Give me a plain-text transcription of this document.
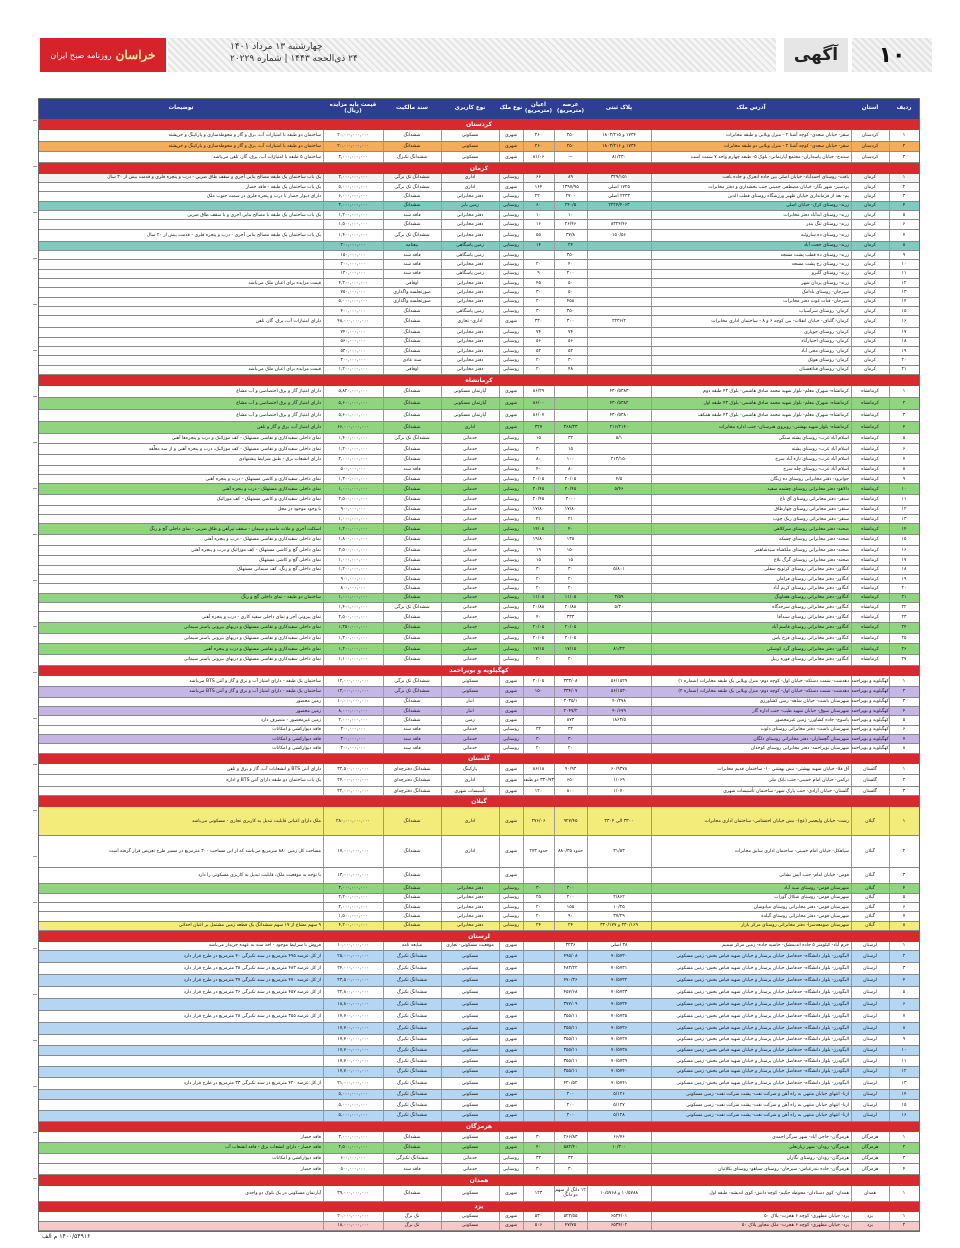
۱۰
آگهی
چهارشنبه ۱۳ مرداد ۱۴۰۱
۲۴ ذی‌الحجه ۱۴۴۳ | شماره ۲۰۲۲۹
خراسان
روزنامه صبح ایران
ردیف
استان
آدرس ملک
پلاک ثبتی
عرصه (مترمربع)
اعیان (مترمربع)
نوع ملک
نوع کاربری
سند مالکیت
قیمت پایه مزایده (ریال)
توضیحات
کردستان
۱
کردستان
سقز- خیابان سعدی- کوچه آشنا ۲ - منزل ویلایی و طبقه مخابرات
۱۷۳۴ و ۱۸۰۳/۲۱۵
۲۵۰
۲۶۰
شهری
مسکونی
ششدانگ
۲۰,۰۰۰,۰۰۰,۰۰۰
ساختمان دو طبقه با امتیازات آب، برق و گاز و محوطه‌سازی و پارکینگ و خرپشته
۲
کردستان
سقز- خیابان سعدی- کوچه آشنا ۲ - منزل ویلایی دو طبقه مخابرات
۱۷۳۴ و ۱۸۰۳/۲۱۶
۲۵۰
۲۶۰
شهری
مسکونی
ششدانگ
۲۰,۰۰۰,۰۰۰,۰۰۰
ساختمان دو طبقه با امتیازات آب، برق و گاز و محوطه‌سازی و پارکینگ و خرپشته
۳
کردستان
سنندج- خیابان پاسداران- مجتمع آپارتمانی- بلوک ۵- طبقه چهارم واحد ۷ سمت است
۸۱/۲۳۰
—
۸۱/۰۶
شهری
مسکونی
ششدانگ تکبرگ
۳,۰۰۰,۰۰۰,۰۰۰
ساختمان ۵ طبقه با امتیازات آب، برق، گاز، تلفن می‌باشد
کرمان
۱
کرمان
بافت- روستای احمدآباد- خیابان اصلی بین جاده انجرک و جاده بافت
۳۲۹/۱۵۱
۸۹
۶۶
روستایی
اداری
ششدانگ تک برگی
۲,۰۰۰,۰۰۰,۰۰۰
یک باب ساختمان یک طبقه مصالح بنایی آجری و سقف طاق ضربی - درب و پنجره فلزی و قدمت بیش از ۳۰ سال
۲
کرمان
بردسیر- شهر نگار- خیابان مصطفی خمینی جنب بخشداری و دفتر مخابرات
۱۷۲۵ اصلی
۱۳۹۷/۹۵
۱۶۴
شهری
اداری
ششدانگ تک برگی
۵,۰۰۰,۰۰۰,۰۰۰
یک باب ساختمان یک طبقه - فاقد حصار
۳
کرمان
بم- بعد از فرمانداری خیابان ظهیر ورزشگاه روستای قطب الدین
۲۲۳۳ اصلی
۲۷۰۰
۲۲۰
روستایی
دفتر مخابراتی
ششدانگ
۶,۰۰۰,۰۰۰,۰۰۰
دارای دیوار حصار با درب و پنجره فلزی در سمت جنوب ملک
۴
کرمان
زرند- روستای کرک- خیابان اصلی
۲۲۲۴/۴۰۶۳
۲۴۰/۵
۶۰
روستایی
زمین بایر
ششدانگ
۳,۰۰۰,۰۰۰,۰۰۰
۵
کرمان
زرند- روستای ابدآباد دفتر مخابرات
۱۰
۱۰
روستایی
دفتر مخابراتی
فاقد سند
۱,۲۰۰,۰۰۰,۰۰۰
یک باب ساختمان یک طبقه با مصالح بنایی آجری و با سقف طاق ضربی
۶
کرمان
زرند- روستای تنگ بندر
۸۳۲۴/۴۶
۲۶/۴۶
۱۶
روستایی
دفتر مخابراتی
ششدانگ
۱,۵۰۰,۰۰۰,۰۰۰
۷
کرمان
زرند- روستای ده ساروئیه
۱۵۰/۵۶
۳۷/۸
۵۵
روستایی
دفتر مخابراتی
ششدانگ تک برگی
۱,۴۰۰,۰۰۰,۰۰۰
یک باب ساختمان یک طبقه مصالح بنایی آجری - درب و پنجره فلزی - قدمت بیش از ۲۰ سال
۸
کرمان
زرند- روستای حجت آباد
۲۴
۱۴
روستایی
زمین پاسگاهی
بیعنامه
۲۰۰,۰۰۰,۰۰۰
۹
کرمان
زرند- روستای ده قطب پشت مسجد
۳۵۰
روستایی
زمین پاسگاهی
فاقد سند
۱۵۰,۰۰۰,۰۰۰
۱۰
کرمان
زرند- روستای رخ پشت مسجد
۴۰
۲۰
روستایی
دفتر مخابراتی
فاقد سند
۲۰۰,۰۰۰,۰۰۰
۱۱
کرمان
زرند- روستای گلبرو
۲۰۰
۹
روستایی
زمین پاسگاهی
فاقد سند
۱۲۰,۰۰۰,۰۰۰
۱۲
کرمان
زرند- روستای یزدان شهر
۵۰
۴۵
روستایی
دفتر مخابراتی
اوقافی
۴,۲۰۰,۰۰۰,۰۰۰
قیمت مزایده برای اعیان ملک می‌باشد
۱۳
کرمان
سیرجان- روستای بادامک
۵۰
۳۰
روستایی
دفتر مخابراتی
صورتجلسه واگذاری
۷۵۰,۰۰۰,۰۰۰
۱۴
کرمان
سیرجان- قنات غوث دفتر مخابرات
۴۵۸
۲۰
روستایی
دفتر مخابراتی
صورتجلسه واگذاری
۵,۰۰۰,۰۰۰,۰۰۰
۱۵
کرمان
کرمان- روستای سرآسیاب
۳۵۰
۳۰
روستایی
زمین پاسگاهی
ششدانگ
۴۰۰,۰۰۰,۰۰۰
۱۶
کرمان
کرمان- گلباف- خیابان انقلاب- بین کوچه ۶ و ۸ - ساختمان اداری مخابرات
۲۲۳۶/۲
۳۰۰
۳۳۰
شهری
اداری- تجاری
ششدانگ
۴۸,۰۰۰,۰۰۰,۰۰۰
دارای امتیازات آب، برق، گاز، تلفن
۱۷
کرمان
کرمان- روستای جوپاری
۷۴
۷۴
روستایی
دفتر مخابراتی
ششدانگ
۷۴۰,۰۰۰,۰۰۰
۱۸
کرمان
کرمان- روستای اختیارآباد
۵۶
۵۶
روستایی
دفتر مخابراتی
ششدانگ
۵۶۰,۰۰۰,۰۰۰
۱۹
کرمان
کرمان- روستای محی آباد
۵۲
۵۲
روستایی
دفتر مخابراتی
ششدانگ
۵۲۰,۰۰۰,۰۰۰
۲۰
کرمان
کرمان- روستای هوتک
۳۰
۲۰
روستایی
دفتر مخابراتی
سند عادی
۳۰۰,۰۰۰,۰۰۰
۲۱
کرمان
کرمان- روستای قناتغستان
۴۸
۲۰
روستایی
دفتر مخابراتی
اوقافی
۱,۲۰۰,۰۰۰,۰۰۰
قیمت مزایده برای اعیان ملک می‌باشد
کرمانشاه
۱
کرمانشاه
کرمانشاه- شهرک معلم- بلوار شهید محمد صادق هاشمی- بلوک ۴۳ طبقه دوم
۴۳۰/۵۳۸۳
۸۶/۲۹
شهری
آپارتمان مسکونی
ششدانگ
۵,۸۲۰,۰۰۰,۰۰۰
دارای امتیاز گاز و برق اختصاصی و آب مشاع
۲
کرمانشاه
کرمانشاه- شهرک معلم- بلوار شهید محمد صادق هاشمی- بلوک ۴۳ طبقه اول
۴۳۰/۵۳۸۲
۸۶/۰۰
شهری
آپارتمان مسکونی
ششدانگ
۵,۶۰۰,۰۰۰,۰۰۰
دارای امتیاز گاز و برق اختصاصی و آب مشاع
۳
کرمانشاه
کرمانشاه- شهرک معلم- بلوار شهید محمد صادق هاشمی- بلوک ۴۳ طبقه همکف
۴۳۰/۵۳۸۰
۸۶/۰۷
شهری
آپارتمان مسکونی
ششدانگ
۵,۶۰۰,۰۰۰,۰۰۰
دارای امتیاز گاز و برق اختصاصی و آب مشاع
۴
کرمانشاه
کرمانشاه- بلوار شهید بهشتی- روبروی هنرستان- جنب اداره مخابرات
۲۱۶/۲۱۴۰
۳۶۸/۳۳
۳۲۷
شهری
اداری
ششدانگ
۶۶,۰۰۰,۰۰۰,۰۰۰
دارای امتیاز آب، برق و گاز و تلفن
۵
کرمانشاه
اسلام آباد غرب- روستای پشته سنگی
۵/۱
۳۲
۱۵
روستایی
خدماتی
ششدانگ تک برگی
۱,۴۰۰,۰۰۰,۰۰۰
نمای داخلی سفیدکاری و نقاشی مستهلک - کف موزائیک و درب و پنجره‌ها آهنی
۶
کرمانشاه
اسلام آباد غرب- روستای پشته
۱۵
۳۰
روستایی
خدماتی
ششدانگ
۱,۲۰۰,۰۰۰,۰۰۰
نمای داخلی سفیدکاری و نقاشی مستهلک - کف موزائیک، درب و پنجره آهنی و از سه معلّقه
۷
کرمانشاه
اسلام آباد غرب- روستای تازه آباد سرخ
۲۱۳/۱۵۰
۱۰۰
۸۰
روستایی
خدماتی
ششدانگ
۲,۰۰۰,۰۰۰,۰۰۰
دارای انشعاب برق - طبق شرایط پیشنهادی
۸
کرمانشاه
اسلام آباد غرب- روستای چله سرخ
۸۰
۴۰
روستایی
خدماتی
فاقد سند
۵۰۰,۰۰۰,۰۰۰
۹
کرمانشاه
جوانرود- دفتر مخابراتی روستای ده زیگان
۴/۵
۲۰/۰۵
۲۰/۰۵
روستایی
خدماتی
ششدانگ
۱,۳۰۰,۰۰۰,۰۰۰
نمای داخلی سفیدکاری و کاشی مستهلک - درب و پنجره آهنی
۱۰
کرمانشاه
دالاهو- دفتر مخابراتی روستای چشمه سفید
۵/۴۶
۲۰/۴۵
۲۰/۴۵
روستایی
خدماتی
ششدانگ
۱,۰۰۰,۰۰۰,۰۰۰
نمای داخلی سفیدکاری مستهلک - درب و پنجره آهنی
۱۱
کرمانشاه
سنقر- دفتر مخابراتی روستای آق باغ
۳۰۰۰
۲۰/۴۵
روستایی
خدماتی
ششدانگ
۲,۵۰۰,۰۰۰,۰۰۰
نمای داخلی سفیدکاری و کاشی مستهلک - کف موزائیک
۱۲
کرمانشاه
سنقر- دفتر مخابراتی روستای چهارطاق
۱۷/۸۰
۱۷/۸۰
روستایی
خدماتی
ششدانگ
۹۰۰,۰۰۰,۰۰۰
با وجود موجود در محل
۱۳
کرمانشاه
سنقر- دفتر مخابراتی روستای ریک چوب
۲۱
۲۱
روستایی
خدماتی
ششدانگ
۱,۰۰۰,۰۰۰,۰۰۰
۱۴
کرمانشاه
صحنه- دفتر مخابراتی روستای سرکلاهی
۴۰
۱۴/۰۵
روستایی
خدماتی
ششدانگ
۱,۲۰۰,۰۰۰,۰۰۰
اسکلت آجری و ملات ماسه و سیمان - سقف تیرآهن و طاق ضربی - نمای داخلی گچ و رنگ
۱۵
کرمانشاه
صحنه- دفتر مخابراتی روستای چسکه
۱۳۵
۱۹/۸۰
روستایی
خدماتی
ششدانگ
۱,۸۰۰,۰۰۰,۰۰۰
نمای داخلی سفیدکاری و نقاشی مستهلک - درب و پنجره آهنی
۱۶
کرمانشاه
صحنه- دفتر مخابراتی روستای ملکشاه سیدشاهمر
۱۵۰
۱۹
روستایی
خدماتی
ششدانگ
۲,۵۰۰,۰۰۰,۰۰۰
نمای داخلی گچ و کاشی مستهلک - کف موزائیک و درب و پنجره آهنی
۱۷
کرمانشاه
صحنه- دفتر مخابراتی روستای گرگ بلاغ
۱۵
۱۵
روستایی
خدماتی
ششدانگ
۱,۰۰۰,۰۰۰,۰۰۰
نمای داخلی گچ و کاشی مستهلک
۱۸
کرمانشاه
کنگاور- دفتر مخابراتی روستای کرتویج سفلی
۵/۸۰۱
۳۰
۳۰
روستایی
خدماتی
ششدانگ
۱,۲۰۰,۰۰۰,۰۰۰
نمای داخلی گچ و رنگ، کف سیمانی مستهلک
۱۹
کرمانشاه
کنگاور- دفتر مخابراتی روستای فرامان
۲۰
۲۰
روستایی
خدماتی
ششدانگ
۹۰۰,۰۰۰,۰۰۰
۲۰
کرمانشاه
کنگاور- دفتر مخابراتی روستای کریم آباد
۲۰
۲۰
روستایی
خدماتی
ششدانگ
۸۰۰,۰۰۰,۰۰۰
۲۱
کرمانشاه
کنگاور- دفتر مخابراتی روستای هفتاونگ
۳/۵۹
۱۱/۰۵
۱۱/۰۵
روستایی
خدماتی
ششدانگ
۱,۰۰۰,۰۰۰,۰۰۰
ساختمان دو طبقه - نمای داخلی گچ و رنگ
۲۲
کرمانشاه
کنگاور- دفتر مخابراتی روستای سرحدگاه
۵/۳۰
۲۰/۸۸
۲۰/۸۸
روستایی
خدماتی
ششدانگ تک برگی
۱,۴۰۰,۰۰۰,۰۰۰
۲۳
کرمانشاه
کنگاور- دفتر مخابراتی روستای سیدآقا
۳۳۳
۴۰
روستایی
خدماتی
ششدانگ
۲,۵۰۰,۰۰۰,۰۰۰
نمای بیرونی آجر و نمای داخلی سفید کاری - درب و پنجره آهنی
۲۴
کرمانشاه
کنگاور- دفتر مخابراتی روستای قاسم آباد
۲۰/۰۵
۲۰/۰۵
روستایی
خدماتی
ششدانگ
۱,۳۵۰,۰۰۰,۰۰۰
نمای داخلی سفیدکاری و نقاشی مستهلک و دربهای بیرونی پاستر سیمانی
۲۵
کرمانشاه
کنگاور- دفتر مخابراتی روستای فرخ یاس
۲۰/۰۵
۲۰/۰۵
روستایی
خدماتی
ششدانگ
۱,۳۰۰,۰۰۰,۰۰۰
نمای داخلی سفیدکاری و نقاشی مستهلک و دربهای بیرونی پاستر سیمانی
۲۶
کرمانشاه
کنگاور- دفتر مخابراتی روستای گرد کوشکی
۸۱/۲۳
۱۷/۱۵
۱۷/۱۵
روستایی
خدماتی
ششدانگ
۱,۲۰۰,۰۰۰,۰۰۰
نمای داخلی سفیدکاری و نقاشی مستهلک و درب و پنجره آهنی
۲۷
کرمانشاه
کنگاور- دفتر مخابراتی روستای فوره ربیل
۲۰
۲۰
روستایی
خدماتی
ششدانگ
۱,۱۰۰,۰۰۰,۰۰۰
نمای داخلی سفیدکاری و نقاشی مستهلک و دربهای بیرونی پاستر سیمانی
کهگیلویه و بویراحمد
۱
کهگیلویه و بویراحمد
دهدشت- شمت دستکه- خیابان اول- کوچه دوم- منزل ویلایی یک طبقه مخابرات (شماره ۱)
۵۶/۱۵۲۹
۳۳۳/۰۸
۲۰/۰۵
شهری
مسکونی
ششدانگ تک برگی
۱۲,۰۰۰,۰۰۰,۰۰۰
ساختمان یک طبقه - دارای امتیاز آب و برق و گاز و آنتن BTS می‌باشد
۲
کهگیلویه و بویراحمد
دهدشت- شمت دستکه- خیابان اول- کوچه دوم- منزل ویلایی یک طبقه مخابرات (شماره ۲)
۵۶/۱۵۳۰
۳۳۴/۰۷
۱۵۰
شهری
مسکونی
ششدانگ تک برگی
۱۳,۰۰۰,۰۰۰,۰۰۰
ساختمان یک طبقه - دارای امتیاز آب و برق و گاز و آنتن BTS می‌باشد
۳
کهگیلویه و بویراحمد
شهرستان باشت- خیابان شاهد- زمین کشاورزی
۴۰/۲۷۸
۳۰۳۵/۱
شهری
انبار
ششدانگ
۱۰,۰۰۰,۰۰۰,۰۰۰
زمین محصور
۴
کهگیلویه و بویراحمد
شهرستان سوق- خیابان شهید طیب- جنب اداره گاز
۴۰/۶۷۹
۲۰۴۷/۲
شهری
انبار
ششدانگ
۸,۰۰۰,۰۰۰,۰۰۰
زمین محصور
۵
کهگیلویه و بویراحمد
یاسوج- جاده کشاورز- زمین غیرمحصور
۱۸۶۳/۵
۸۷۳
شهری
زمین
ششدانگ
۲,۰۰۰,۰۰۰,۰۰۰
زمین غیرمحصور - متصرف دارد
۶
کهگیلویه و بویراحمد
شهرستان باشت- دفتر مخابراتی روستای دلوت
۳۲
۳۲
روستایی
خدماتی
فاقد سند
۳۰۰,۰۰۰,۰۰۰
فاقد دیوارکشی و امکانات
۷
کهگیلویه و بویراحمد
شهرستان گچساران- دفتر مخابراتی روستای دلگان
۳۰
۳۰
روستایی
خدماتی
فاقد سند
۳۰۰,۰۰۰,۰۰۰
فاقد دیوارکشی و امکانات
۸
کهگیلویه و بویراحمد
شهرستان بویراحمد- دفتر مخابراتی روستای کوخدان
۲۰
۲۰
روستایی
خدماتی
فاقد سند
۲۰۰,۰۰۰,۰۰۰
فاقد دیوارکشی و امکانات
گلستان
۱
گلستان
آق قلا- خیابان شهید بهشتی- نبش بهشتی ۱۰- ساختمان قدیم مخابرات
۶۰/۹۳۷۸
۹۰/۹۳
۸۶/۱۸
شهری
پارکینگ
ششدانگ دفترچه‌ای
۳۲,۵۰۰,۰۰۰,۰۰۰
دارای آنتن BTS و انشعابات آب، گاز و برق و تلفن
۲
گلستان
ترکمن- خیابان امام خمینی- جنب بانک ملی
۱/۰۶۹
۶۵۰
۳۳۰/۷۳ دو طبقه
شهری
اداری
ششدانگ دفترچه‌ای
۲۴,۰۰۰,۰۰۰,۰۰۰
یک باب ساختمان دو طبقه دارای آنتن BTS و اداره
۳
گلستان
گلستان- خیابان آزادی- جنب پارک شهر- ساختمان تأسیسات شهری
۱/۰۷۰
۸۰۰
۱۲۰
شهری
تأسیسات شهری
ششدانگ دفترچه‌ای
۲۲,۰۰۰,۰۰۰,۰۰۰
گیلان
۱
گیلان
رشت- خیابان ولیعصر (عج)- نبش خیابان احتشامی- ساختمان اداری مخابرات
۳۳۰۰ الی ۳۳۰۴
۹۲۷/۴۵
۲۷۶/۰۶
شهری
اداری
ششدانگ
۲۸۰,۰۰۰,۰۰۰,۰۰۰
ملک دارای اعیانی قابلیت تبدیل به کاربری تجاری - مسکونی می‌باشد
۲
گیلان
سیاهکل- خیابان امام خمینی- ساختمان اداری سابق مخابرات
۳۱/۵۳
حدود ۸۸۰/۳۵
حدود ۲۷۳
شهری
اداری
ششدانگ
۱۷,۰۰۰,۰۰۰,۰۰۰
مساحت کل زمین ۸۸۰ مترمربع می‌باشد که از این مساحت ۳۰۰ مترمربع در مسیر طرح تعریض قرار گرفته است
۳
گیلان
فومن- خیابان امام- جنب آتش نشانی
شهری
ششدانگ
۱۳,۰۰۰,۰۰۰,۰۰۰
با توجه به موقعیت ملک، قابلیت تبدیل به کاربری مسکونی را دارد
۴
گیلان
شهرستان فومن- روستای سید آباد
۳۰۰
۳۰
روستایی
دفتر مخابراتی
ششدانگ
۳,۰۰۰,۰۰۰,۰۰۰
۵
گیلان
شهرستان فومن- روستای شکال گوراب
۲/۸۶۲
۲۰۰
۲۵
روستایی
دفتر مخابراتی
ششدانگ
۲,۲۰۰,۰۰۰,۰۰۰
۶
گیلان
شهرستان فومن- دفتر مخابراتی روستای میانوشان
۱۰/۲۵
۱۵۵
۲۰
روستایی
دفتر مخابراتی
ششدانگ
۲,۰۰۰,۰۰۰,۰۰۰
۷
گیلان
شهرستان فومن- دفتر مخابراتی روستای گیلده
۳۷/۲۹
۹۰
۲۰
روستایی
دفتر مخابراتی
ششدانگ
۱,۵۰۰,۰۰۰,۰۰۰
۸
گیلان
شهرستان صومعه‌سرا- دفتر مخابراتی روستای مرکز بازار
۳۳۰/۱۶۹ و ۳۳۰/۱۷۷
۲۴
۲۴
روستایی
دفتر مخابراتی
ششدانگ
۴,۲۰۰,۰۰۰,۰۰۰
۹ سهم مشاع از ۱۷ سهم ششدانگ یک قطعه زمین مشتمل بر اعیان احداثی
لرستان
۱
لرستان
خرم آباد- کیلومتر ۵ جاده اندیمشک- حاشیه جاده- زمین مرکز شمیم
۳۸ اصلی
۳۲۳۶
شهری
موقعیت مسکونی- تجاری
مبایعه نامه
۱۰,۰۰۰,۰۰۰,۰۰۰
فروش با شرایط موجود - اخذ سند به عهده خریدار می‌باشد
۲
لرستان
الیگودرز- بلوار دانشگاه- حدفاصل خیابان پرستار و خیابان شهید فیاض بخش- زمین مسکونی
۷۰/۵۷۳۰
۴۹۵/۰۸
شهری
مسکونی
ششدانگ تکبرگ
۲۵,۰۰۰,۰۰۰,۰۰۰
از کل عرصه ۴۹۵ مترمربع در سند تکبرگی ۴۰ مترمربع در طرح قرار دارد
۳
لرستان
الیگودرز- بلوار دانشگاه- حدفاصل خیابان پرستار و خیابان شهید فیاض بخش- زمین مسکونی
۷۰/۵۷۳۱
۴۸۳/۲۲
شهری
مسکونی
ششدانگ تکبرگ
۲۴,۰۰۰,۰۰۰,۰۰۰
از کل عرصه ۴۸۳ مترمربع در سند تکبرگی ۳۸ مترمربع در طرح قرار دارد
۴
لرستان
الیگودرز- بلوار دانشگاه- حدفاصل خیابان پرستار و خیابان شهید فیاض بخش- زمین مسکونی
۷۰/۵۷۳۲
۴۷۰/۳۶
شهری
مسکونی
ششدانگ تکبرگ
۲۳,۵۰۰,۰۰۰,۰۰۰
از کل عرصه ۴۷۰ مترمربع در سند تکبرگی ۳۷ مترمربع در طرح قرار دارد
۵
لرستان
الیگودرز- بلوار دانشگاه- حدفاصل خیابان پرستار و خیابان شهید فیاض بخش- زمین مسکونی
۷۰/۵۷۳۳
۴۵۷/۶۸
شهری
مسکونی
ششدانگ تکبرگ
۲۲,۸۰۰,۰۰۰,۰۰۰
از کل عرصه ۴۵۷ مترمربع در سند تکبرگی ۳۶ مترمربع در طرح قرار دارد
۶
لرستان
الیگودرز- بلوار دانشگاه- حدفاصل خیابان پرستار و خیابان شهید فیاض بخش- زمین مسکونی
۷۰/۵۷۳۴
۳۷۷/۰۹
شهری
مسکونی
ششدانگ تکبرگ
۱۸,۸۰۰,۰۰۰,۰۰۰
۷
لرستان
الیگودرز- بلوار دانشگاه- حدفاصل خیابان پرستار و خیابان شهید فیاض بخش- زمین مسکونی
۷۰/۵۷۳۵
۳۵۵/۱۱
شهری
مسکونی
ششدانگ تکبرگ
۱۷,۷۰۰,۰۰۰,۰۰۰
از کل عرصه ۳۵۵ مترمربع در سند تکبرگی ۲۸ مترمربع در طرح قرار دارد
۸
لرستان
الیگودرز- بلوار دانشگاه- حدفاصل خیابان پرستار و خیابان شهید فیاض بخش- زمین مسکونی
۷۰/۵۷۳۶
۳۵۵/۱۱
شهری
مسکونی
ششدانگ تکبرگ
۱۷,۷۰۰,۰۰۰,۰۰۰
۹
لرستان
الیگودرز- بلوار دانشگاه- حدفاصل خیابان پرستار و خیابان شهید فیاض بخش- زمین مسکونی
۷۰/۵۷۳۷
۳۵۵/۱۱
شهری
مسکونی
ششدانگ تکبرگ
۱۷,۷۰۰,۰۰۰,۰۰۰
۱۰
لرستان
الیگودرز- بلوار دانشگاه- حدفاصل خیابان پرستار و خیابان شهید فیاض بخش- زمین مسکونی
۷۰/۵۷۳۸
۳۵۵/۱۱
شهری
مسکونی
ششدانگ تکبرگ
۱۷,۷۰۰,۰۰۰,۰۰۰
۱۱
لرستان
الیگودرز- بلوار دانشگاه- حدفاصل خیابان پرستار و خیابان شهید فیاض بخش- زمین مسکونی
۷۰/۵۷۳۹
۳۵۵/۱۱
شهری
مسکونی
ششدانگ تکبرگ
۱۷,۷۰۰,۰۰۰,۰۰۰
۱۲
لرستان
الیگودرز- بلوار دانشگاه- حدفاصل خیابان پرستار و خیابان شهید فیاض بخش- زمین مسکونی
۷۰/۵۷۴۰
۳۵۵/۱۱
شهری
مسکونی
ششدانگ تکبرگ
۱۷,۷۰۰,۰۰۰,۰۰۰
۱۳
لرستان
الیگودرز- بلوار دانشگاه- حدفاصل خیابان پرستار و خیابان شهید فیاض بخش- زمین مسکونی
۷۰/۵۷۴۱
۴۲۰/۵۲
شهری
مسکونی
ششدانگ تکبرگ
۲۱,۰۰۰,۰۰۰,۰۰۰
از کل عرصه ۴۲۰ مترمربع در سند تکبرگی ۳۳ مترمربع در طرح قرار دارد
۱۴
لرستان
ازنا- انتهای خیابان منتهی به راه آهن و شرکت نفت- پشت شرکت نفت- زمین مسکونی
۵/۱۲۶
۲۰۰
شهری
مسکونی
ششدانگ تکبرگ
۵,۰۰۰,۰۰۰,۰۰۰
۱۵
لرستان
ازنا- انتهای خیابان منتهی به راه آهن و شرکت نفت- پشت شرکت نفت- زمین مسکونی
۵/۱۲۷
۲۰۰
شهری
مسکونی
ششدانگ تکبرگ
۵,۰۰۰,۰۰۰,۰۰۰
۱۶
لرستان
ازنا- انتهای خیابان منتهی به راه آهن و شرکت نفت- پشت شرکت نفت- زمین مسکونی
۵/۱۲۸
۲۰۰
شهری
مسکونی
ششدانگ تکبرگ
۵,۰۰۰,۰۰۰,۰۰۰
هرمزگان
۱
هرمزگان
هرمزگان- حاجی آباد- شهر سرگز احمدی
۶۶/۷۶
۲۶۶/۸۳
۳۰
شهری
مسکونی
ششدانگ
۳,۰۰۰,۰۰۰,۰۰۰
فاقد حصار
۲
هرمزگان
هرمزگان- رودان- شهر زیارتعلی
۱۰/۲۰۰
۵۸۲/۴۰
۴۰
شهری
مسکونی
ششدانگ
۲,۵۰۰,۰۰۰,۰۰۰
فاقد حصار - دارای انشعاب برق - فاقد انشعاب آب
۳
هرمزگان
هرمزگان- رودان- روستای نگاران
۳۳
۳۳
روستایی
خدماتی
ششدانگ تکبرگی
۶۰۰,۰۰۰,۰۰۰
فاقد دیوارکشی و امکانات
۴
هرمزگان
هرمزگان- جاده بندرعباس- سیرجان- روستای سیاهو- روستای بکلانیان
۳۰
۳۰
روستایی
خدماتی
فاقد سند
۵۰۰,۰۰۰,۰۰۰
فاقد حصار
همدان
۱
همدان
همدان- کوی دستادان- محوطه حکیم- کوچه داننق- کوی اندیشه- طبقه اول
۱۰/۵۷۸۸ و ۱۰/۵۷۶۸
۱۲ دانگ از سهم دو دانگ
۱۲۳
شهری
مسکونی
ششدانگ
۳۹,۰۰۰,۰۰۰,۰۰۰
آپارتمان مسکونی در یک بلوک دو واحدی
یزد
۱
یزد
یزد- خیابان مطهری- کوچه ۶ هجرت- پلاک ۵۰
۶۵۳۴/۰۱
۵۲۲/۵۵
۵۳۰
شهری
مسکونی
تک برگ
۲۰,۰۰۰,۰۰۰,۰۰۰
۲
یزد
یزد- خیابان مطهری- کوچه ۶ هجرت- ملک مجاور پلاک ۵۰
۶۵۳۴/۰۲
۴۷/۷۵
۵۰۶
شهری
مسکونی
تک برگ
۱۸,۰۰۰,۰۰۰,۰۰۰
۱۴۰۰/۵۴۹۱۶ م الف
